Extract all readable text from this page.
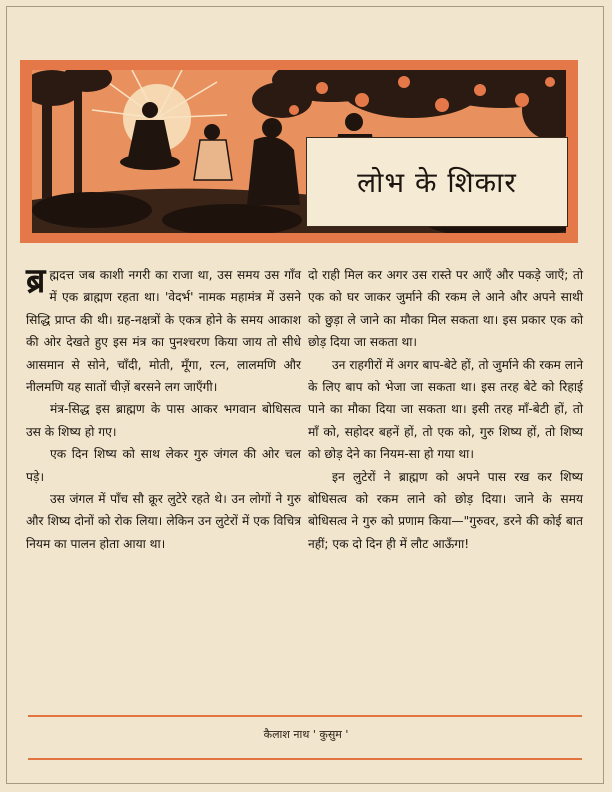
लोभ के शिकार

ब्र ह्मदत्त जब काशी नगरी का राजा था, उस समय उस गाँव में एक ब्राह्मण रहता था। 'वेदर्भ' नामक महामंत्र में उसने सिद्धि प्राप्त की थी। ग्रह-नक्षत्रों के एकत्र होने के समय आकाश की ओर देखते हुए इस मंत्र का पुनश्चरण किया जाय तो सीधे आसमान से सोने, चाँदी, मोती, मूँगा, रत्न, लालमणि और नीलमणि यह सातों चीज़ें बरसने लग जाएँगी।

मंत्र-सिद्ध इस ब्राह्मण के पास आकर भगवान बोधिसत्व उस के शिष्य हो गए।

एक दिन शिष्य को साथ लेकर गुरु जंगल की ओर चल पड़े।

उस जंगल में पाँच सौ क्रूर लुटेरे रहते थे। उन लोगों ने गुरु और शिष्य दोनों को रोक लिया। लेकिन उन लुटेरों में एक विचित्र नियम का पालन होता आया था।

दो राही मिल कर अगर उस रास्ते पर आएँ और पकड़े जाएँ; तो एक को घर जाकर जुर्माने की रकम ले आने और अपने साथी को छुड़ा ले जाने का मौका मिल सकता था। इस प्रकार एक को छोड़ दिया जा सकता था।

उन राहगीरों में अगर बाप-बेटे हों, तो जुर्माने की रकम लाने के लिए बाप को भेजा जा सकता था। इस तरह बेटे को रिहाई पाने का मौका दिया जा सकता था। इसी तरह माँ-बेटी हों, तो माँ को, सहोदर बहनें हों, तो एक को, गुरु शिष्य हों, तो शिष्य को छोड़ देने का नियम-सा हो गया था।

इन लुटेरों ने ब्राह्मण को अपने पास रख कर शिष्य बोधिसत्व को रकम लाने को छोड़ दिया। जाने के समय बोधिसत्व ने गुरु को प्रणाम किया—"गुरुवर, डरने की कोई बात नहीं; एक दो दिन ही में लौट आऊँगा!

कैलाश नाथ ' कुसुम '
